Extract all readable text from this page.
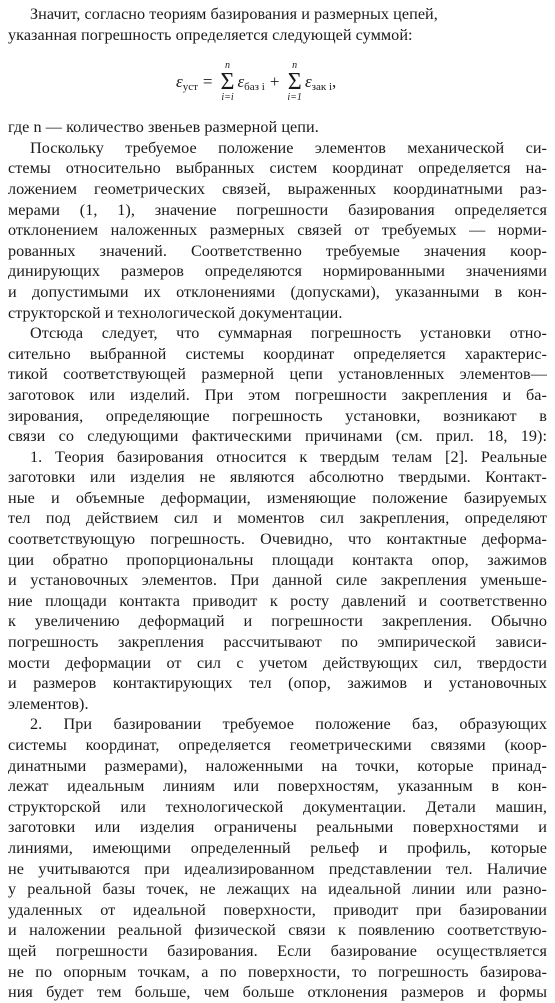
Значит, согласно теориям базирования и размерных цепей,
указанная погрешность определяется следующей суммой:
ε уст =
n
Σ
i=i
ε баз i +
n
Σ
i=1
ε зак i ,
где n — количество звеньев размерной цепи.
Поскольку требуемое положение элементов механической си-
стемы относительно выбранных систем координат определяется на-
ложением геометрических связей, выраженных координатными раз-
мерами (1, 1), значение погрешности базирования определяется
отклонением наложенных размерных связей от требуемых — норми-
рованных значений. Соответственно требуемые значения коор-
динирующих размеров определяются нормированными значениями
и допустимыми их отклонениями (допусками), указанными в кон-
структорской и технологической документации.
Отсюда следует, что суммарная погрешность установки отно-
сительно выбранной системы координат определяется характерис-
тикой соответствующей размерной цепи установленных элементов—
заготовок или изделий. При этом погрешности закрепления и ба-
зирования, определяющие погрешность установки, возникают в
связи со следующими фактическими причинами (см. прил. 18, 19):
1. Теория базирования относится к твердым телам [2]. Реальные
заготовки или изделия не являются абсолютно твердыми. Контакт-
ные и объемные деформации, изменяющие положение базируемых
тел под действием сил и моментов сил закрепления, определяют
соответствующую погрешность. Очевидно, что контактные деформа-
ции обратно пропорциональны площади контакта опор, зажимов
и установочных элементов. При данной силе закрепления уменьше-
ние площади контакта приводит к росту давлений и соответственно
к увеличению деформаций и погрешности закрепления. Обычно
погрешность закрепления рассчитывают по эмпирической зависи-
мости деформации от сил с учетом действующих сил, твердости
и размеров контактирующих тел (опор, зажимов и установочных
элементов).
2. При базировании требуемое положение баз, образующих
системы координат, определяется геометрическими связями (коор-
динатными размерами), наложенными на точки, которые принад-
лежат идеальным линиям или поверхностям, указанным в кон-
структорской или технологической документации. Детали машин,
заготовки или изделия ограничены реальными поверхностями и
линиями, имеющими определенный рельеф и профиль, которые
не учитываются при идеализированном представлении тел. Наличие
у реальной базы точек, не лежащих на идеальной линии или разно-
удаленных от идеальной поверхности, приводит при базировании
и наложении реальной физической связи к появлению соответствую-
щей погрешности базирования. Если базирование осуществляется
не по опорным точкам, а по поверхности, то погрешность базирова-
ния будет тем больше, чем больше отклонения размеров и формы
